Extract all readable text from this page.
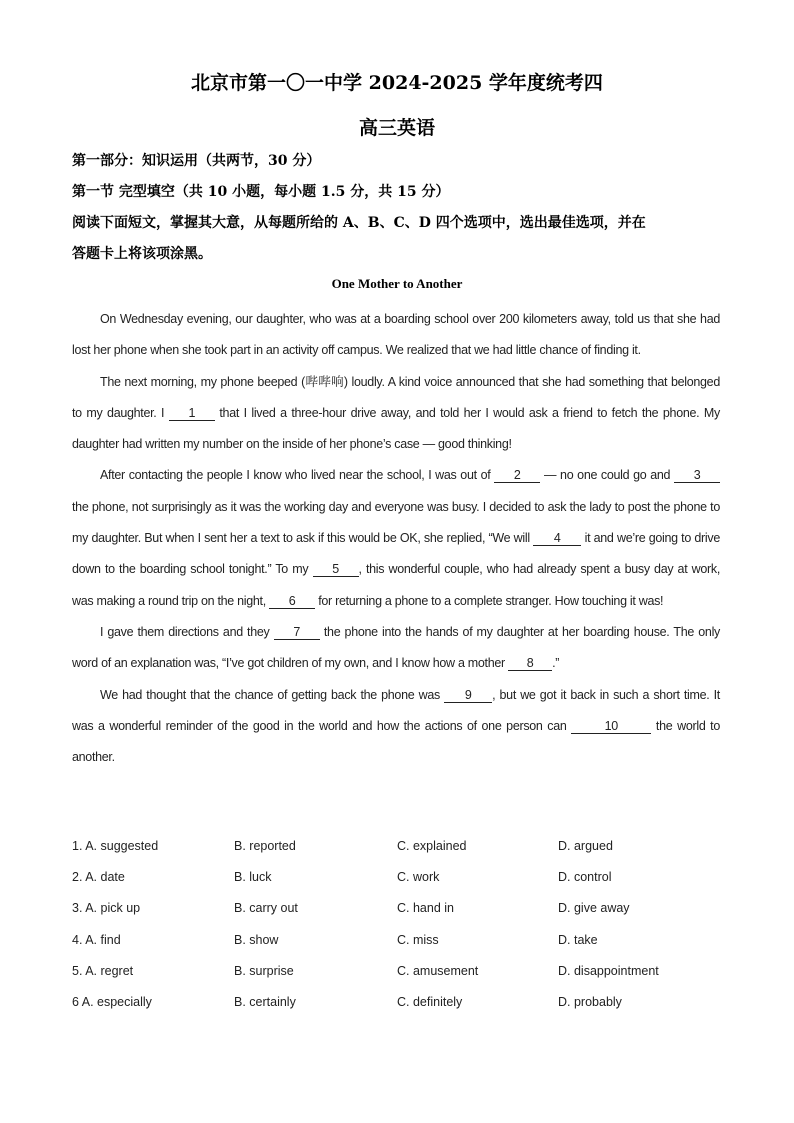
北京市第一〇一中学 2024-2025 学年度统考四
高三英语
第一部分：知识运用（共两节，30 分）
第一节 完型填空（共 10 小题，每小题 1.5 分，共 15 分）
阅读下面短文，掌握其大意，从每题所给的 A、B、C、D 四个选项中，选出最佳选项，并在
答题卡上将该项涂黑。
One Mother to Another

On Wednesday evening, our daughter, who was at a boarding school over 200 kilometers away, told us that she had lost her phone when she took part in an activity off campus. We realized that we had little chance of finding it.

The next morning, my phone beeped (哔哔响) loudly. A kind voice announced that she had something that belonged to my daughter. I 1 that I lived a three-hour drive away, and told her I would ask a friend to fetch the phone. My daughter had written my number on the inside of her phone’s case — good thinking!

After contacting the people I know who lived near the school, I was out of 2 — no one could go and 3 the phone, not surprisingly as it was the working day and everyone was busy. I decided to ask the lady to post the phone to my daughter. But when I sent her a text to ask if this would be OK, she replied, “We will 4 it and we’re going to drive down to the boarding school tonight.” To my 5 , this wonderful couple, who had already spent a busy day at work, was making a round trip on the night, 6 for returning a phone to a complete stranger. How touching it was!

I gave them directions and they 7 the phone into the hands of my daughter at her boarding house. The only word of an explanation was, “I’ve got children of my own, and I know how a mother 8 .”

We had thought that the chance of getting back the phone was 9 , but we got it back in such a short time. It was a wonderful reminder of the good in the world and how the actions of one person can	10	the world to another.

1. A. suggested	B. reported	C. explained	D. argued
2. A. date	B. luck	C. work	D. control
3. A. pick up	B. carry out	C. hand in	D. give away
4. A. find	B. show	C. miss	D. take
5. A. regret	B. surprise	C. amusement	D. disappointment
6 A. especially	B. certainly	C. definitely	D. probably
